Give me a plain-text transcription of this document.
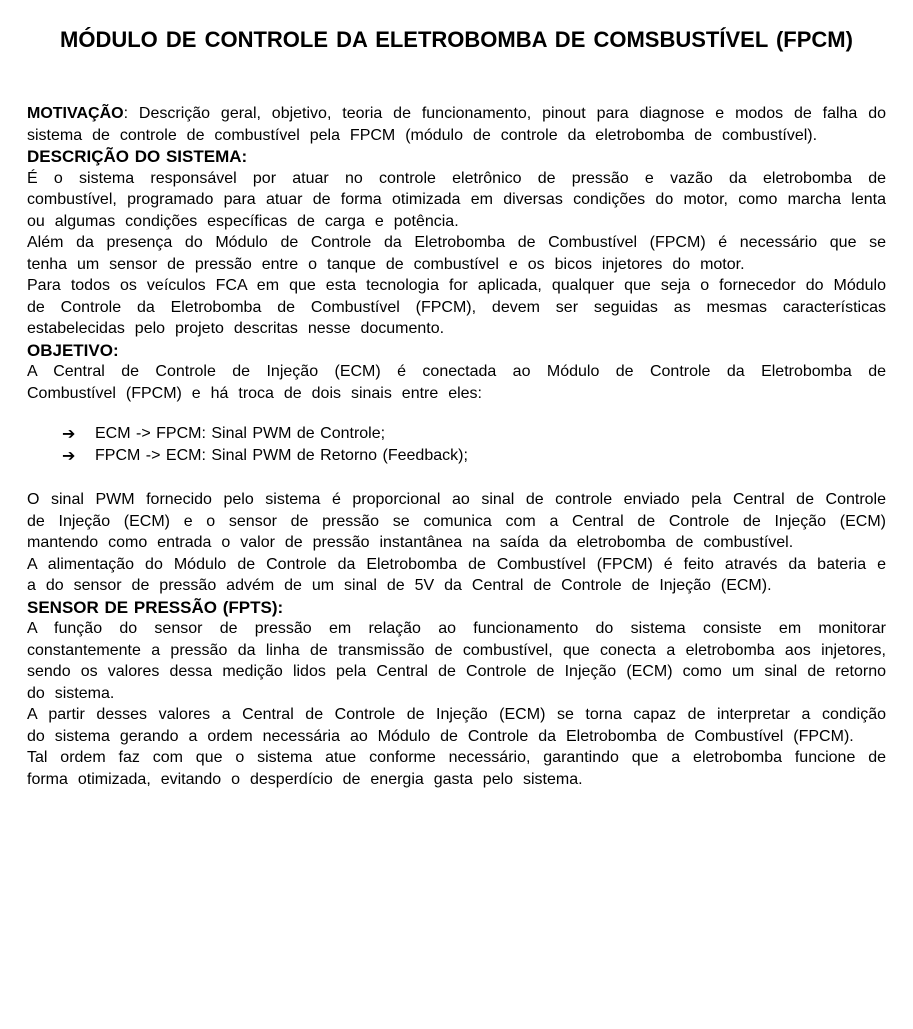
MÓDULO DE CONTROLE DA ELETROBOMBA DE COMSBUSTÍVEL (FPCM)

MOTIVAÇÃO: Descrição geral, objetivo, teoria de funcionamento, pinout para diagnose e modos de falha do sistema de controle de combustível pela FPCM (módulo de controle da eletrobomba de combustível).

DESCRIÇÃO DO SISTEMA:

É o sistema responsável por atuar no controle eletrônico de pressão e vazão da eletrobomba de combustível, programado para atuar de forma otimizada em diversas condições do motor, como marcha lenta ou algumas condições específicas de carga e potência.

Além da presença do Módulo de Controle da Eletrobomba de Combustível (FPCM) é necessário que se tenha um sensor de pressão entre o tanque de combustível e os bicos injetores do motor.

Para todos os veículos FCA em que esta tecnologia for aplicada, qualquer que seja o fornecedor do Módulo de Controle da Eletrobomba de Combustível (FPCM), devem ser seguidas as mesmas características estabelecidas pelo projeto descritas nesse documento.

OBJETIVO:

A Central de Controle de Injeção (ECM) é conectada ao Módulo de Controle da Eletrobomba de Combustível (FPCM) e há troca de dois sinais entre eles:

➔ ECM -> FPCM: Sinal PWM de Controle;
➔ FPCM -> ECM: Sinal PWM de Retorno (Feedback);

O sinal PWM fornecido pelo sistema é proporcional ao sinal de controle enviado pela Central de Controle de Injeção (ECM) e o sensor de pressão se comunica com a Central de Controle de Injeção (ECM) mantendo como entrada o valor de pressão instantânea na saída da eletrobomba de combustível.

A alimentação do Módulo de Controle da Eletrobomba de Combustível (FPCM) é feito através da bateria e a do sensor de pressão advém de um sinal de 5V da Central de Controle de Injeção (ECM).

SENSOR DE PRESSÃO (FPTS):

A função do sensor de pressão em relação ao funcionamento do sistema consiste em monitorar constantemente a pressão da linha de transmissão de combustível, que conecta a eletrobomba aos injetores, sendo os valores dessa medição lidos pela Central de Controle de Injeção (ECM) como um sinal de retorno do sistema.

A partir desses valores a Central de Controle de Injeção (ECM) se torna capaz de interpretar a condição do sistema gerando a ordem necessária ao Módulo de Controle da Eletrobomba de Combustível (FPCM).

Tal ordem faz com que o sistema atue conforme necessário, garantindo que a eletrobomba funcione de forma otimizada, evitando o desperdício de energia gasta pelo sistema.
